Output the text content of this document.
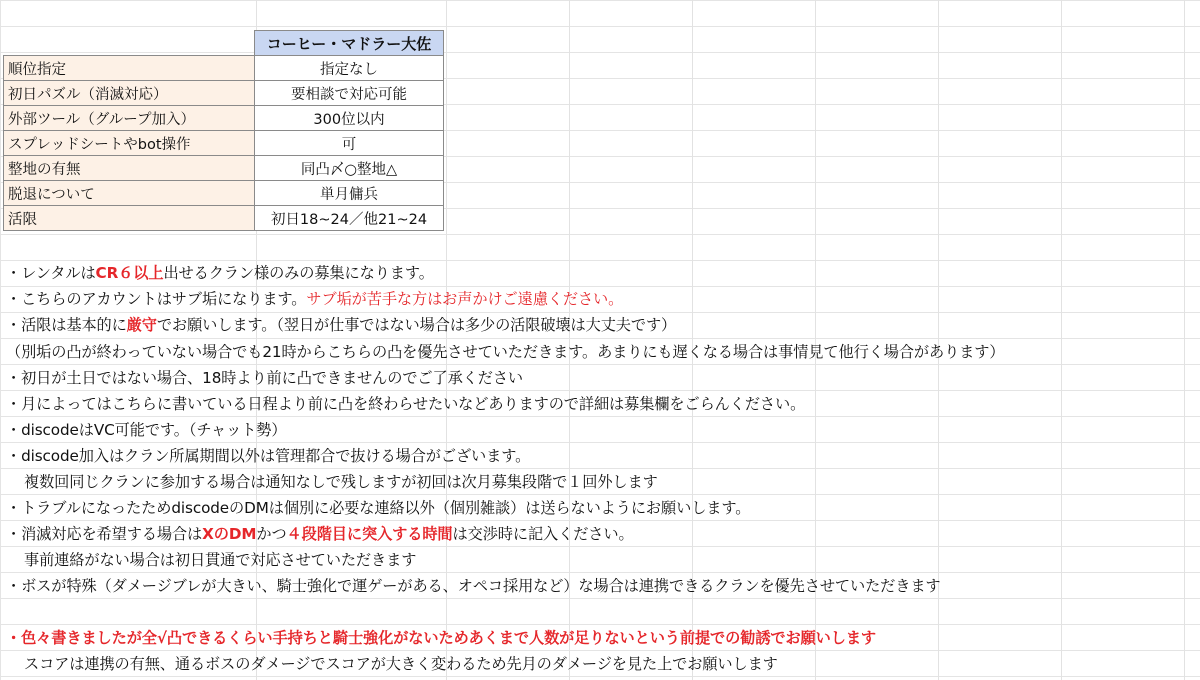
	コーヒー・マドラー大佐
順位指定	指定なし
初日パズル（消滅対応）	要相談で対応可能
外部ツール（グループ加入）	300位以内
スプレッドシートやbot操作	可
整地の有無	同凸〆○整地△
脱退について	単月傭兵
活限	初日18~24／他21~24
・レンタルはCR６以上出せるクラン様のみの募集になります。
・こちらのアカウントはサブ垢になります。サブ垢が苦手な方はお声かけご遠慮ください。
・活限は基本的に厳守でお願いします。（翌日が仕事ではない場合は多少の活限破壊は大丈夫です）
（別垢の凸が終わっていない場合でも21時からこちらの凸を優先させていただきます。あまりにも遅くなる場合は事情見て他行く場合があります）
・初日が土日ではない場合、18時より前に凸できませんのでご了承ください
・月によってはこちらに書いている日程より前に凸を終わらせたいなどありますので詳細は募集欄をごらんください。
・discodeはVC可能です。（チャット勢）
・discode加入はクラン所属期間以外は管理都合で抜ける場合がございます。
複数回同じクランに参加する場合は通知なしで残しますが初回は次月募集段階で１回外します
・トラブルになったためdiscodeのDMは個別に必要な連絡以外（個別雑談）は送らないようにお願いします。
・消滅対応を希望する場合はXのDMかつ４段階目に突入する時間は交渉時に記入ください。
事前連絡がない場合は初日貫通で対応させていただきます
・ボスが特殊（ダメージブレが大きい、騎士強化で運ゲーがある、オペコ採用など）な場合は連携できるクランを優先させていただきます
・色々書きましたが全√凸できるくらい手持ちと騎士強化がないためあくまで人数が足りないという前提での勧誘でお願いします
スコアは連携の有無、通るボスのダメージでスコアが大きく変わるため先月のダメージを見た上でお願いします
